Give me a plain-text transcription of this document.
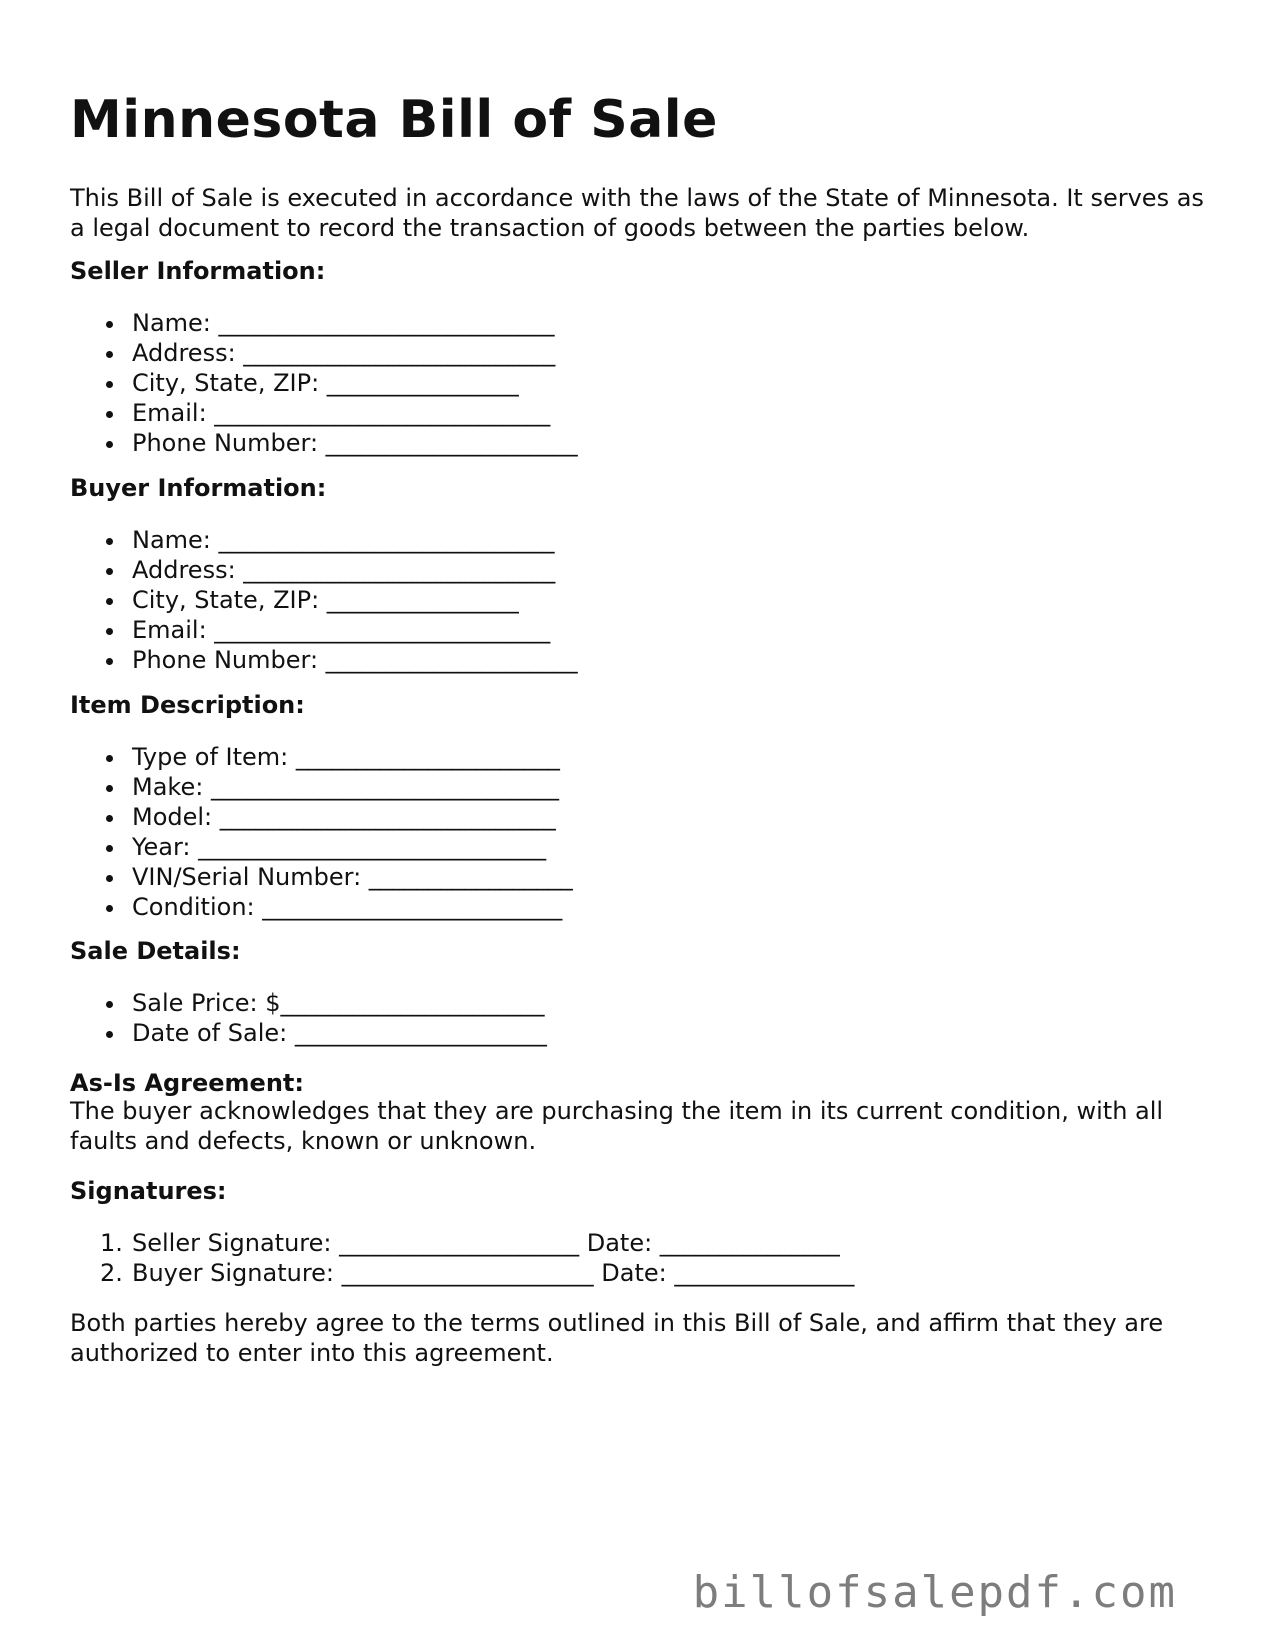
Minnesota Bill of Sale

This Bill of Sale is executed in accordance with the laws of the State of Minnesota. It serves as a legal document to record the transaction of goods between the parties below.

Seller Information:
Name: ____________________________
Address: __________________________
City, State, ZIP: ________________
Email: ____________________________
Phone Number: _____________________
Buyer Information:
Name: ____________________________
Address: __________________________
City, State, ZIP: ________________
Email: ____________________________
Phone Number: _____________________
Item Description:
Type of Item: ______________________
Make: _____________________________
Model: ____________________________
Year: _____________________________
VIN/Serial Number: _________________
Condition: _________________________
Sale Details:
Sale Price: $______________________
Date of Sale: _____________________
As-Is Agreement:

The buyer acknowledges that they are purchasing the item in its current condition, with all faults and defects, known or unknown.

Signatures:
1. Seller Signature: ____________________ Date: _______________
2. Buyer Signature: _____________________ Date: _______________

Both parties hereby agree to the terms outlined in this Bill of Sale, and affirm that they are authorized to enter into this agreement.

billofsalepdf.com
